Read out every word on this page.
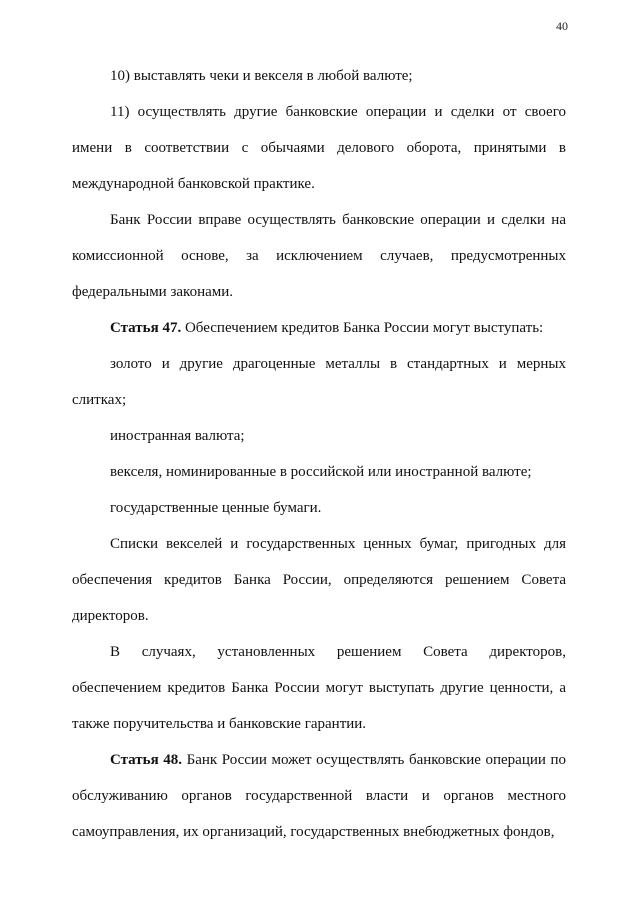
40

10) выставлять чеки и векселя в любой валюте;

11) осуществлять другие банковские операции и сделки от своего имени в соответствии с обычаями делового оборота, принятыми в международной банковской практике.

Банк России вправе осуществлять банковские операции и сделки на комиссионной основе, за исключением случаев, предусмотренных федеральными законами.

Статья 47. Обеспечением кредитов Банка России могут выступать:

золото и другие драгоценные металлы в стандартных и мерных слитках;

иностранная валюта;

векселя, номинированные в российской или иностранной валюте;

государственные ценные бумаги.

Списки векселей и государственных ценных бумаг, пригодных для обеспечения кредитов Банка России, определяются решением Совета директоров.

В случаях, установленных решением Совета директоров, обеспечением кредитов Банка России могут выступать другие ценности, а также поручительства и банковские гарантии.

Статья 48. Банк России может осуществлять банковские операции по обслуживанию органов государственной власти и органов местного самоуправления, их организаций, государственных внебюджетных фондов,
